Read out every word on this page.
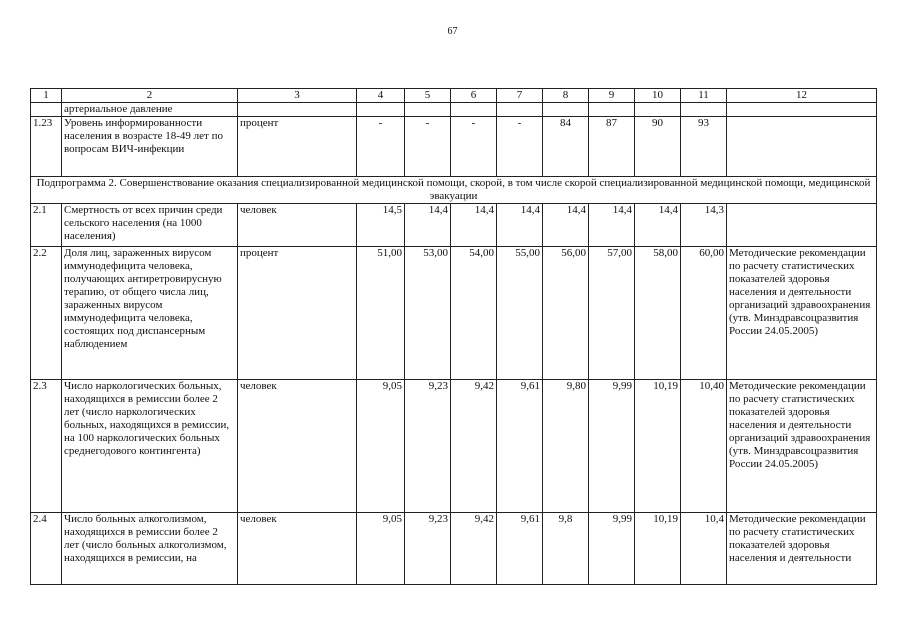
67
1	2	3	4	5	6	7	8	9	10	11	12
	артериальное давление										
1.23	Уровень информированности населения в возрасте 18-49 лет по вопросам ВИЧ-инфекции	процент	-	-	-	-	84	87	90	93	
Подпрограмма 2. Совершенствование оказания специализированной медицинской помощи, скорой, в том числе скорой специализированной медицинской помощи, медицинской эвакуации											
2.1	Смертность от всех причин среди сельского населения (на 1000 населения)	человек	14,5	14,4	14,4	14,4	14,4	14,4	14,4	14,3	
2.2	Доля лиц, зараженных вирусом иммунодефицита человека, получающих антиретровирусную терапию, от общего числа лиц, зараженных вирусом иммунодефицита человека, состоящих под диспансерным наблюдением	процент	51,00	53,00	54,00	55,00	56,00	57,00	58,00	60,00	Методические рекомендации по расчету статистических показателей здоровья населения и деятельности организаций здравоохранения (утв. Минздравсоцразвития России 24.05.2005)
2.3	Число наркологических больных, находящихся в ремиссии более 2 лет (число наркологических больных, находящихся в ремиссии, на 100 наркологических больных среднегодового контингента)	человек	9,05	9,23	9,42	9,61	9,80	9,99	10,19	10,40	Методические рекомендации по расчету статистических показателей здоровья населения и деятельности организаций здравоохранения (утв. Минздравсоцразвития России 24.05.2005)
2.4	Число больных алкоголизмом, находящихся в ремиссии более 2 лет (число больных алкоголизмом, находящихся в ремиссии, на	человек	9,05	9,23	9,42	9,61	9,8	9,99	10,19	10,4	Методические рекомендации по расчету статистических показателей здоровья населения и деятельности
